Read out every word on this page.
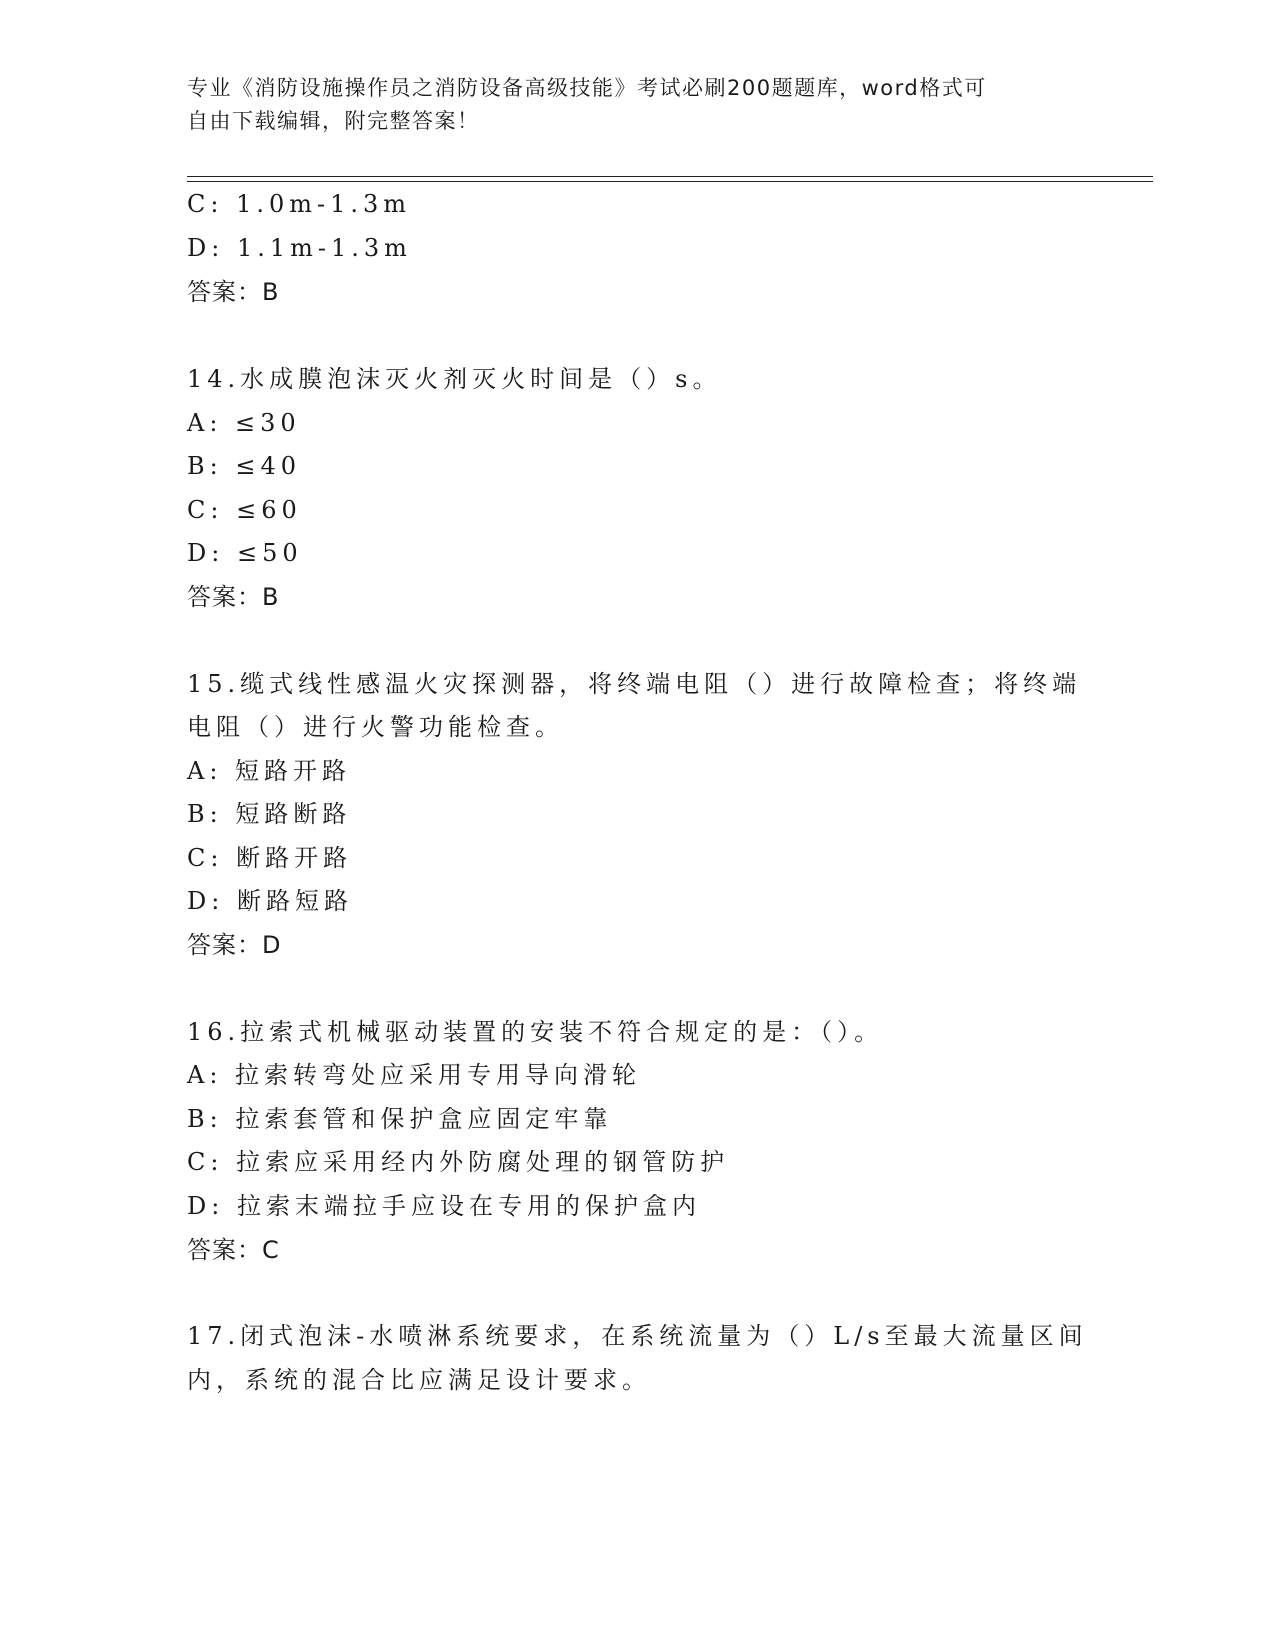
专业《消防设施操作员之消防设备高级技能》考试必刷200题题库，word格式可
自由下载编辑，附完整答案！
C: 1.0m-1.3m
D: 1.1m-1.3m
答案：B
14.水成膜泡沫灭火剂灭火时间是（）s。
A: ≤30
B: ≤40
C: ≤60
D: ≤50
答案：B
15.缆式线性感温火灾探测器，将终端电阻（）进行故障检查；将终端
电阻（）进行火警功能检查。
A: 短路开路
B: 短路断路
C: 断路开路
D: 断路短路
答案：D
16.拉索式机械驱动装置的安装不符合规定的是：（）。
A: 拉索转弯处应采用专用导向滑轮
B: 拉索套管和保护盒应固定牢靠
C: 拉索应采用经内外防腐处理的钢管防护
D: 拉索末端拉手应设在专用的保护盒内
答案：C
17.闭式泡沫-水喷淋系统要求，在系统流量为（）L/s至最大流量区间
内，系统的混合比应满足设计要求。
